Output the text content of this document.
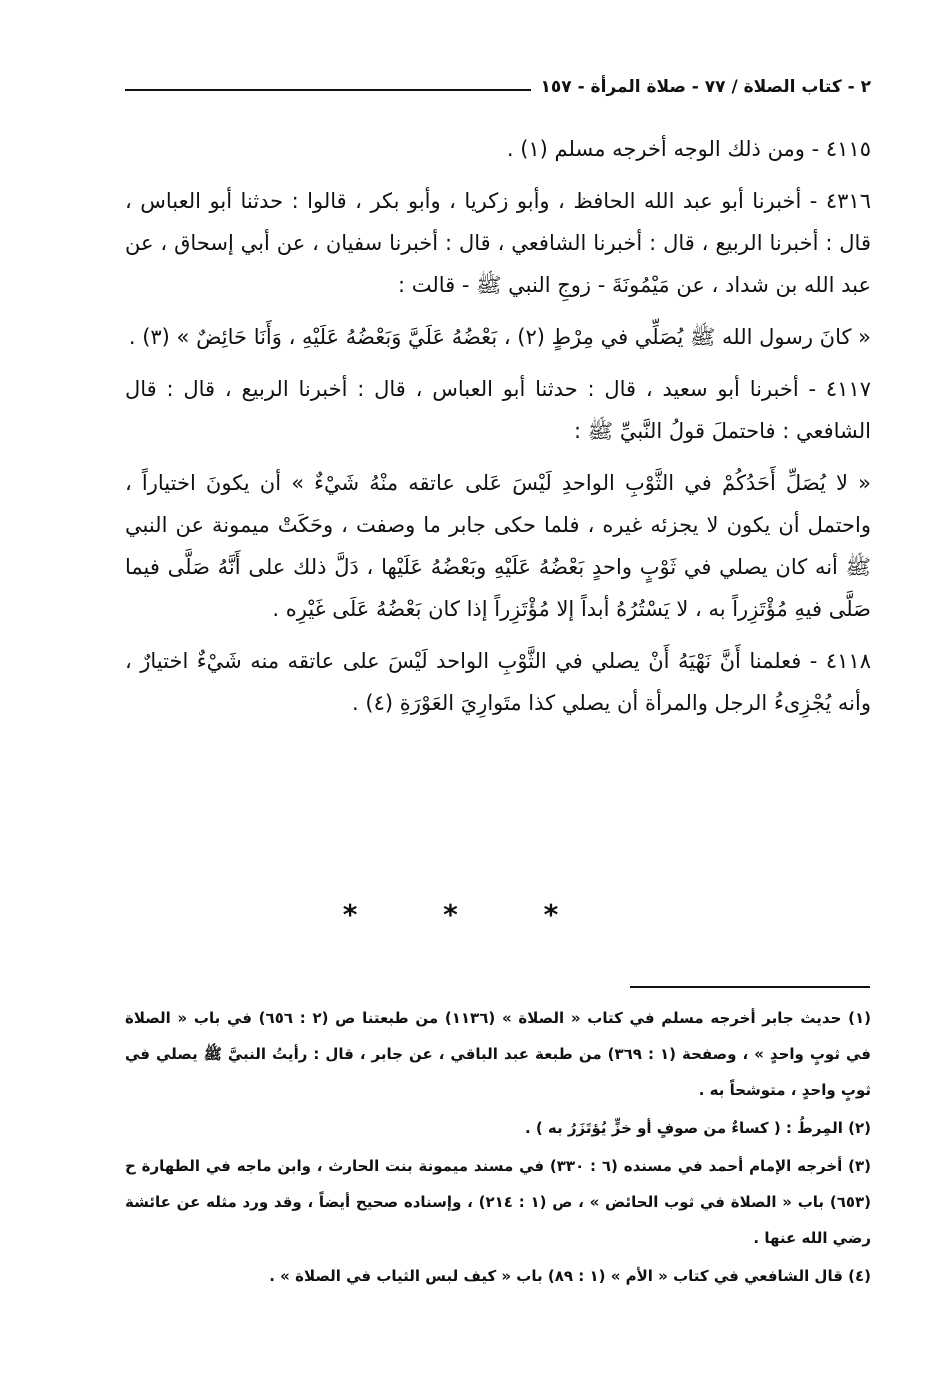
٢ - كتاب الصلاة / ٧٧ - صلاة المرأة - ١٥٧

٤١١٥ - ومن ذلك الوجه أخرجه مسلم (١) .

٤٣١٦ - أخبرنا أبو عبد الله الحافظ ، وأبو زكريا ، وأبو بكر ، قالوا : حدثنا أبو العباس ، قال : أخبرنا الربيع ، قال : أخبرنا الشافعي ، قال : أخبرنا سفيان ، عن أبي إسحاق ، عن عبد الله بن شداد ، عن مَيْمُونَةَ - زوجِ النبي ﷺ - قالت :

« كانَ رسول الله ﷺ يُصَلِّي في مِرْطٍ (٢) ، بَعْضُهُ عَلَيَّ وَبَعْضُهُ عَلَيْهِ ، وَأَنَا حَائِضٌ » (٣) .

٤١١٧ - أخبرنا أبو سعيد ، قال : حدثنا أبو العباس ، قال : أخبرنا الربيع ، قال : قال الشافعي : فاحتملَ قولُ النَّبيِّ ﷺ :

« لا يُصَلِّ أَحَدُكُمْ في الثَّوْبِ الواحدِ لَيْسَ عَلى عاتقه منْهُ شَيْءٌ » أن يكونَ اختياراً ، واحتمل أن يكون لا يجزئه غيره ، فلما حكى جابر ما وصفت ، وحَكَتْ ميمونة عن النبي ﷺ أنه كان يصلي في ثَوْبٍ واحدٍ بَعْضُهُ عَلَيْهِ وبَعْضُهُ عَلَيْها ، دَلَّ ذلك على أَنَّهُ صَلَّى فيما صَلَّى فيهِ مُؤْتَزِراً به ، لا يَسْتُرُهُ أبداً إلا مُؤْتَزِراً إذا كان بَعْضُهُ عَلَى غَيْرِه .

٤١١٨ - فعلمنا أَنَّ نَهْيَهُ أَنْ يصلي في الثَّوْبِ الواحد لَيْسَ على عاتقه منه شَيْءٌ اختيارٌ ، وأنه يُجْزِىءُ الرجل والمرأة أن يصلي كذا متَوارِيَ العَوْرَةِ (٤) .

* * *

(١) حديث جابر أخرجه مسلم في كتاب « الصلاة » (١١٣٦) من طبعتنا ص (٢ : ٦٥٦) في باب « الصلاة في ثوبٍ واحدٍ » ، وصفحة (١ : ٣٦٩) من طبعة عبد الباقي ، عن جابر ، قال : رأيتُ النبيَّ ﷺ يصلي في ثوبٍ واحدٍ ، متوشحاً به .

(٢) المِرطُ : ( كساءٌ من صوفٍ أو خزٍّ يُؤتَزَرُ به ) .

(٣) أخرجه الإمام أحمد في مسنده (٦ : ٣٣٠) في مسند ميمونة بنت الحارث ، وابن ماجه في الطهارة ح (٦٥٣) باب « الصلاة في ثوب الحائض » ، ص (١ : ٢١٤) ، وإسناده صحيح أيضاً ، وقد ورد مثله عن عائشة رضي الله عنها .

(٤) قال الشافعي في كتاب « الأم » (١ : ٨٩) باب « كيف لبس الثياب في الصلاة » .
